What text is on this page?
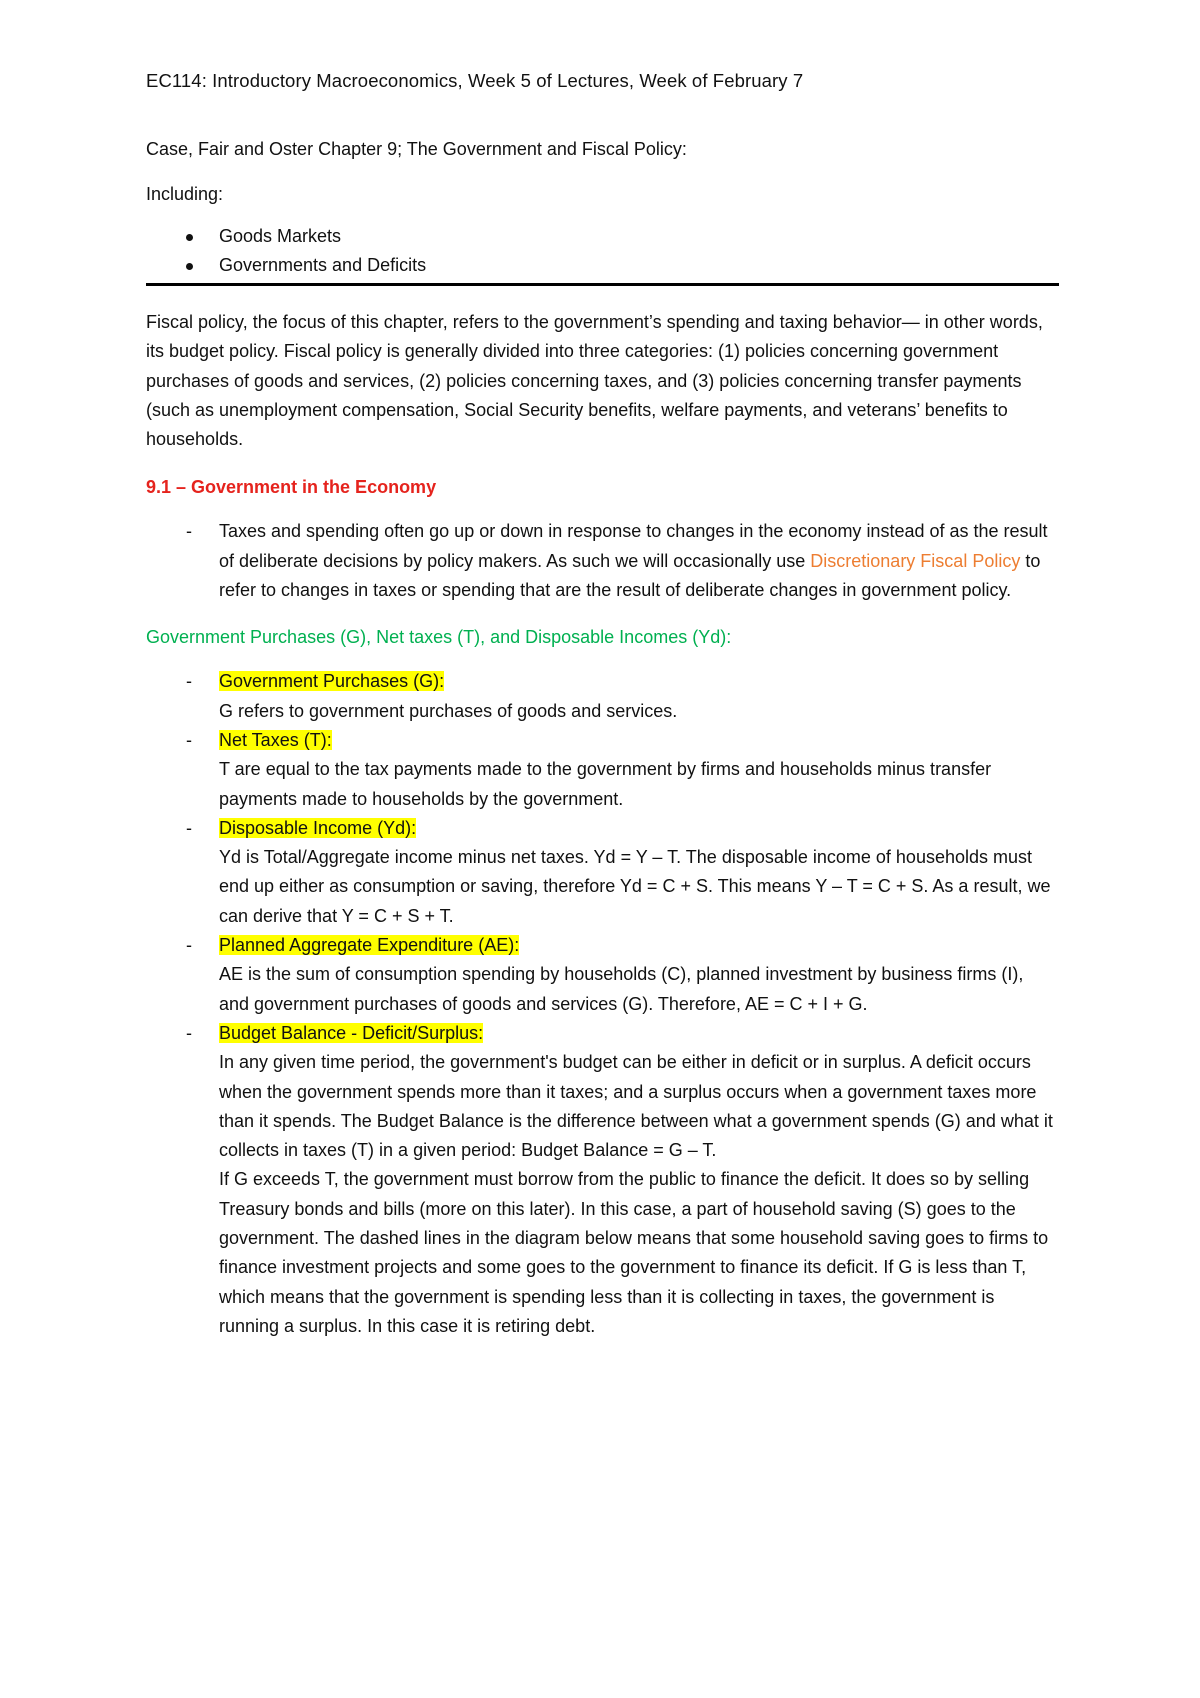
EC114: Introductory Macroeconomics, Week 5 of Lectures, Week of February 7
Case, Fair and Oster Chapter 9; The Government and Fiscal Policy:
Including:
Goods Markets
Governments and Deficits

Fiscal policy, the focus of this chapter, refers to the government’s spending and taxing behavior— in other words, its budget policy. Fiscal policy is generally divided into three categories: (1) policies concerning government purchases of goods and services, (2) policies concerning taxes, and (3) policies concerning transfer payments (such as unemployment compensation, Social Security benefits, welfare payments, and veterans’ benefits to households.

9.1 – Government in the Economy
- Taxes and spending often go up or down in response to changes in the economy instead of as the result of deliberate decisions by policy makers. As such we will occasionally use Discretionary Fiscal Policy to refer to changes in taxes or spending that are the result of deliberate changes in government policy.
Government Purchases (G), Net taxes (T), and Disposable Incomes (Yd):
- Government Purchases (G):
G refers to government purchases of goods and services.
- Net Taxes (T):
T are equal to the tax payments made to the government by firms and households minus transfer payments made to households by the government.
- Disposable Income (Yd):
Yd is Total/Aggregate income minus net taxes. Yd = Y – T. The disposable income of households must end up either as consumption or saving, therefore Yd = C + S. This means Y – T = C + S. As a result, we can derive that Y = C + S + T.
- Planned Aggregate Expenditure (AE):
AE is the sum of consumption spending by households (C), planned investment by business firms (I), and government purchases of goods and services (G). Therefore, AE = C + I + G.
- Budget Balance - Deficit/Surplus:
In any given time period, the government's budget can be either in deficit or in surplus. A deficit occurs when the government spends more than it taxes; and a surplus occurs when a government taxes more than it spends. The Budget Balance is the difference between what a government spends (G) and what it collects in taxes (T) in a given period: Budget Balance = G – T.
If G exceeds T, the government must borrow from the public to finance the deficit. It does so by selling Treasury bonds and bills (more on this later). In this case, a part of household saving (S) goes to the government. The dashed lines in the diagram below means that some household saving goes to firms to finance investment projects and some goes to the government to finance its deficit. If G is less than T, which means that the government is spending less than it is collecting in taxes, the government is running a surplus. In this case it is retiring debt.
